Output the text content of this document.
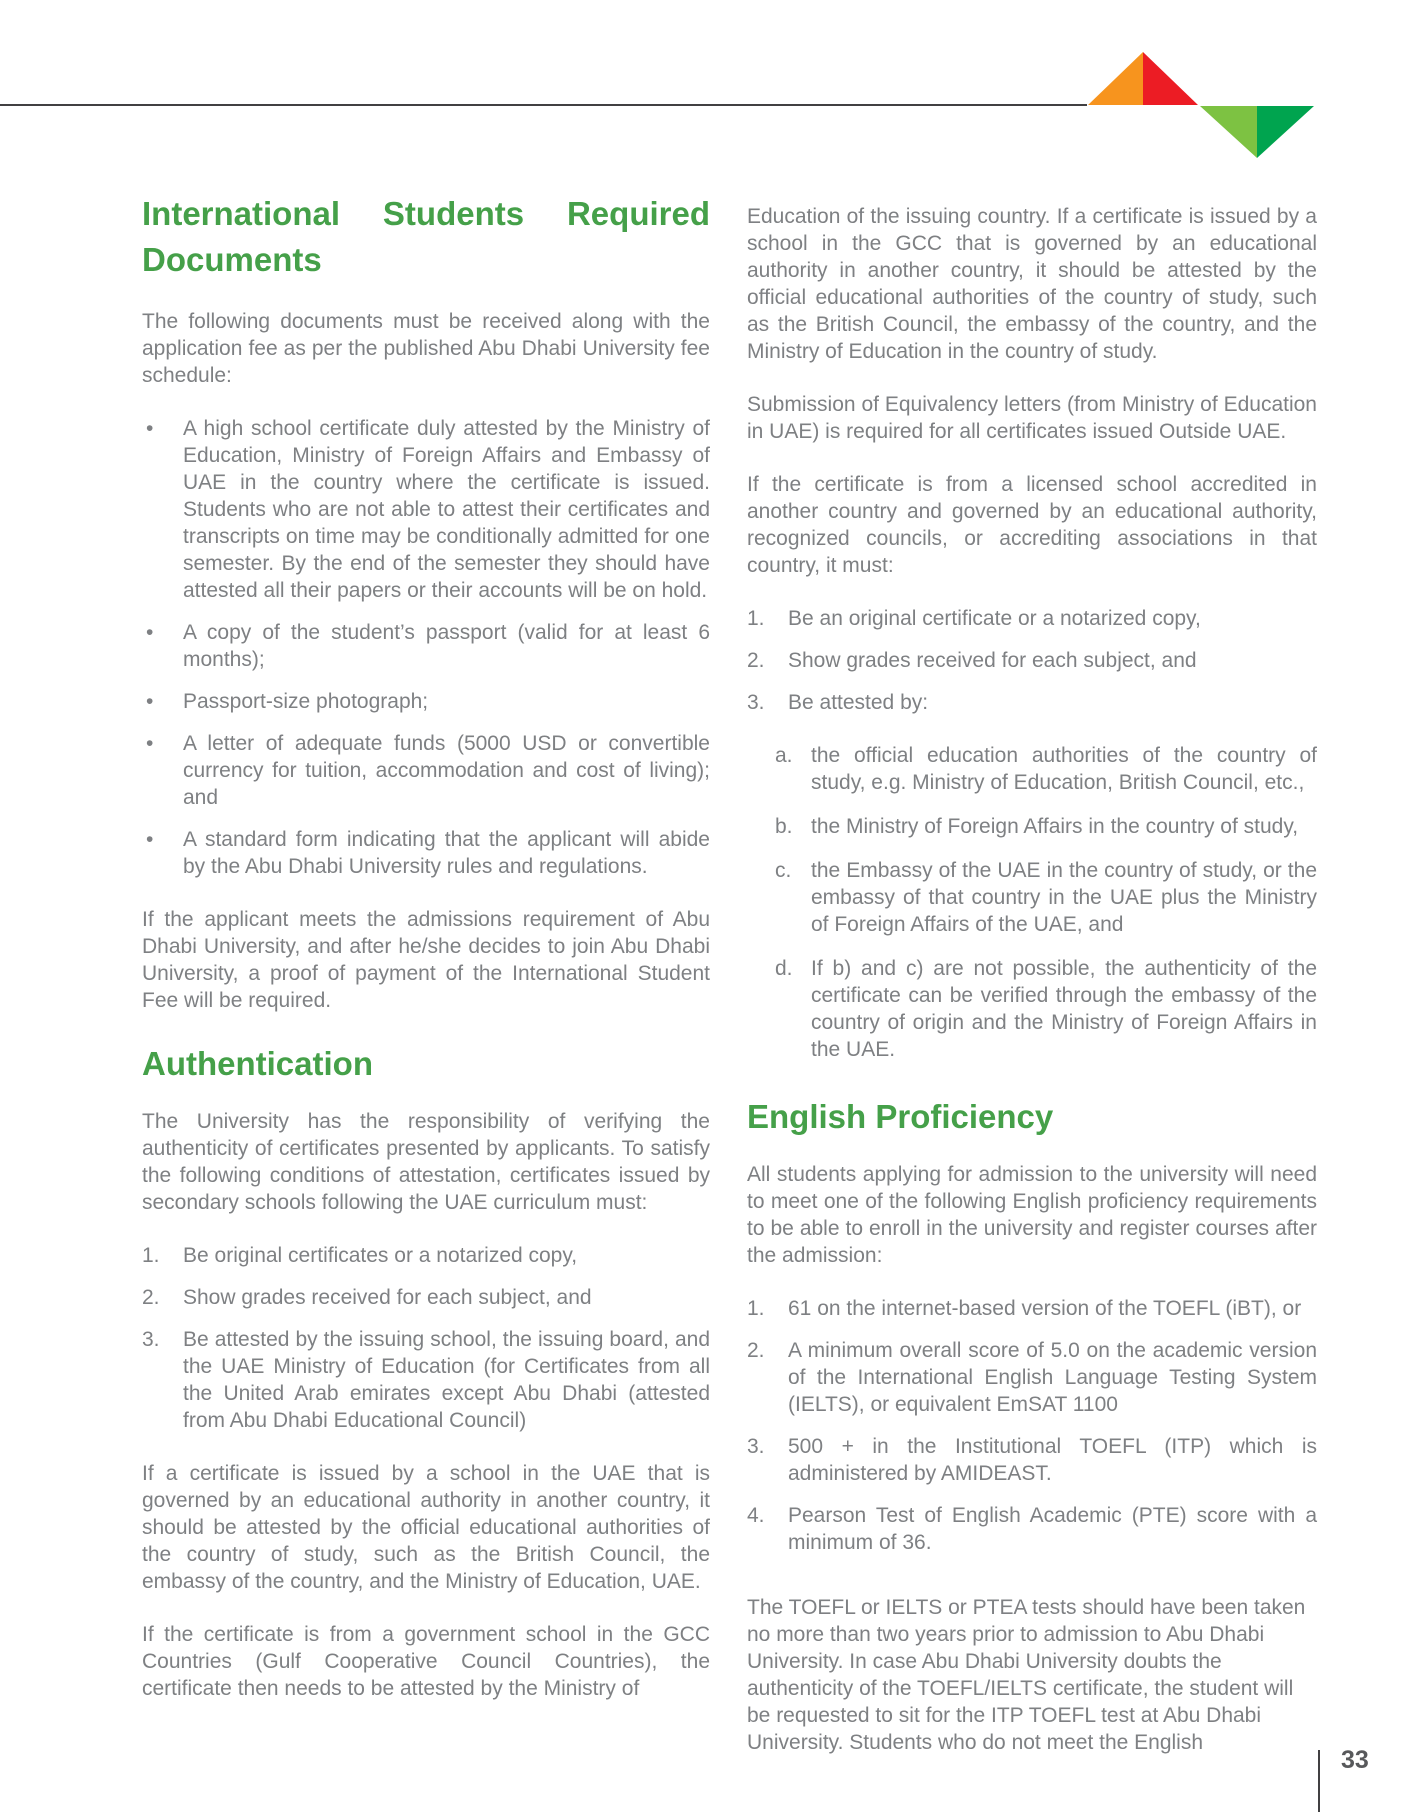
International Students Required
Documents

The following documents must be received along with the application fee as per the published Abu Dhabi University fee schedule:

• A high school certificate duly attested by the Ministry of Education, Ministry of Foreign Affairs and Embassy of UAE in the country where the certificate is issued. Students who are not able to attest their certificates and transcripts on time may be conditionally admitted for one semester. By the end of the semester they should have attested all their papers or their accounts will be on hold.
• A copy of the student’s passport (valid for at least 6 months);
• Passport-size photograph;
• A letter of adequate funds (5000 USD or convertible currency for tuition, accommodation and cost of living); and
• A standard form indicating that the applicant will abide by the Abu Dhabi University rules and regulations.

If the applicant meets the admissions requirement of Abu Dhabi University, and after he/she decides to join Abu Dhabi University, a proof of payment of the International Student Fee will be required.

Authentication

The University has the responsibility of verifying the authenticity of certificates presented by applicants. To satisfy the following conditions of attestation, certificates issued by secondary schools following the UAE curriculum must:

1. Be original certificates or a notarized copy,
2. Show grades received for each subject, and
3. Be attested by the issuing school, the issuing board, and the UAE Ministry of Education (for Certificates from all the United Arab emirates except Abu Dhabi (attested from Abu Dhabi Educational Council)

If a certificate is issued by a school in the UAE that is governed by an educational authority in another country, it should be attested by the official educational authorities of the country of study, such as the British Council, the embassy of the country, and the Ministry of Education, UAE.

If the certificate is from a government school in the GCC Countries (Gulf Cooperative Council Countries), the certificate then needs to be attested by the Ministry of

Education of the issuing country. If a certificate is issued by a school in the GCC that is governed by an educational authority in another country, it should be attested by the official educational authorities of the country of study, such as the British Council, the embassy of the country, and the Ministry of Education in the country of study.

Submission of Equivalency letters (from Ministry of Education in UAE) is required for all certificates issued Outside UAE.

If the certificate is from a licensed school accredited in another country and governed by an educational authority, recognized councils, or accrediting associations in that country, it must:

1. Be an original certificate or a notarized copy,
2. Show grades received for each subject, and
3. Be attested by:
a. the official education authorities of the country of study, e.g. Ministry of Education, British Council, etc.,
b. the Ministry of Foreign Affairs in the country of study,
c. the Embassy of the UAE in the country of study, or the embassy of that country in the UAE plus the Ministry of Foreign Affairs of the UAE, and
d. If b) and c) are not possible, the authenticity of the certificate can be verified through the embassy of the country of origin and the Ministry of Foreign Affairs in the UAE.
English Proficiency

All students applying for admission to the university will need to meet one of the following English proficiency requirements to be able to enroll in the university and register courses after the admission:

1. 61 on the internet-based version of the TOEFL (iBT), or
2. A minimum overall score of 5.0 on the academic version of the International English Language Testing System (IELTS), or equivalent EmSAT 1100
3. 500 + in the Institutional TOEFL (ITP) which is administered by AMIDEAST.
4. Pearson Test of English Academic (PTE) score with a minimum of 36.

The TOEFL or IELTS or PTEA tests should have been taken no more than two years prior to admission to Abu Dhabi University. In case Abu Dhabi University doubts the authenticity of the TOEFL/IELTS certificate, the student will be requested to sit for the ITP TOEFL test at Abu Dhabi University. Students who do not meet the English

33
